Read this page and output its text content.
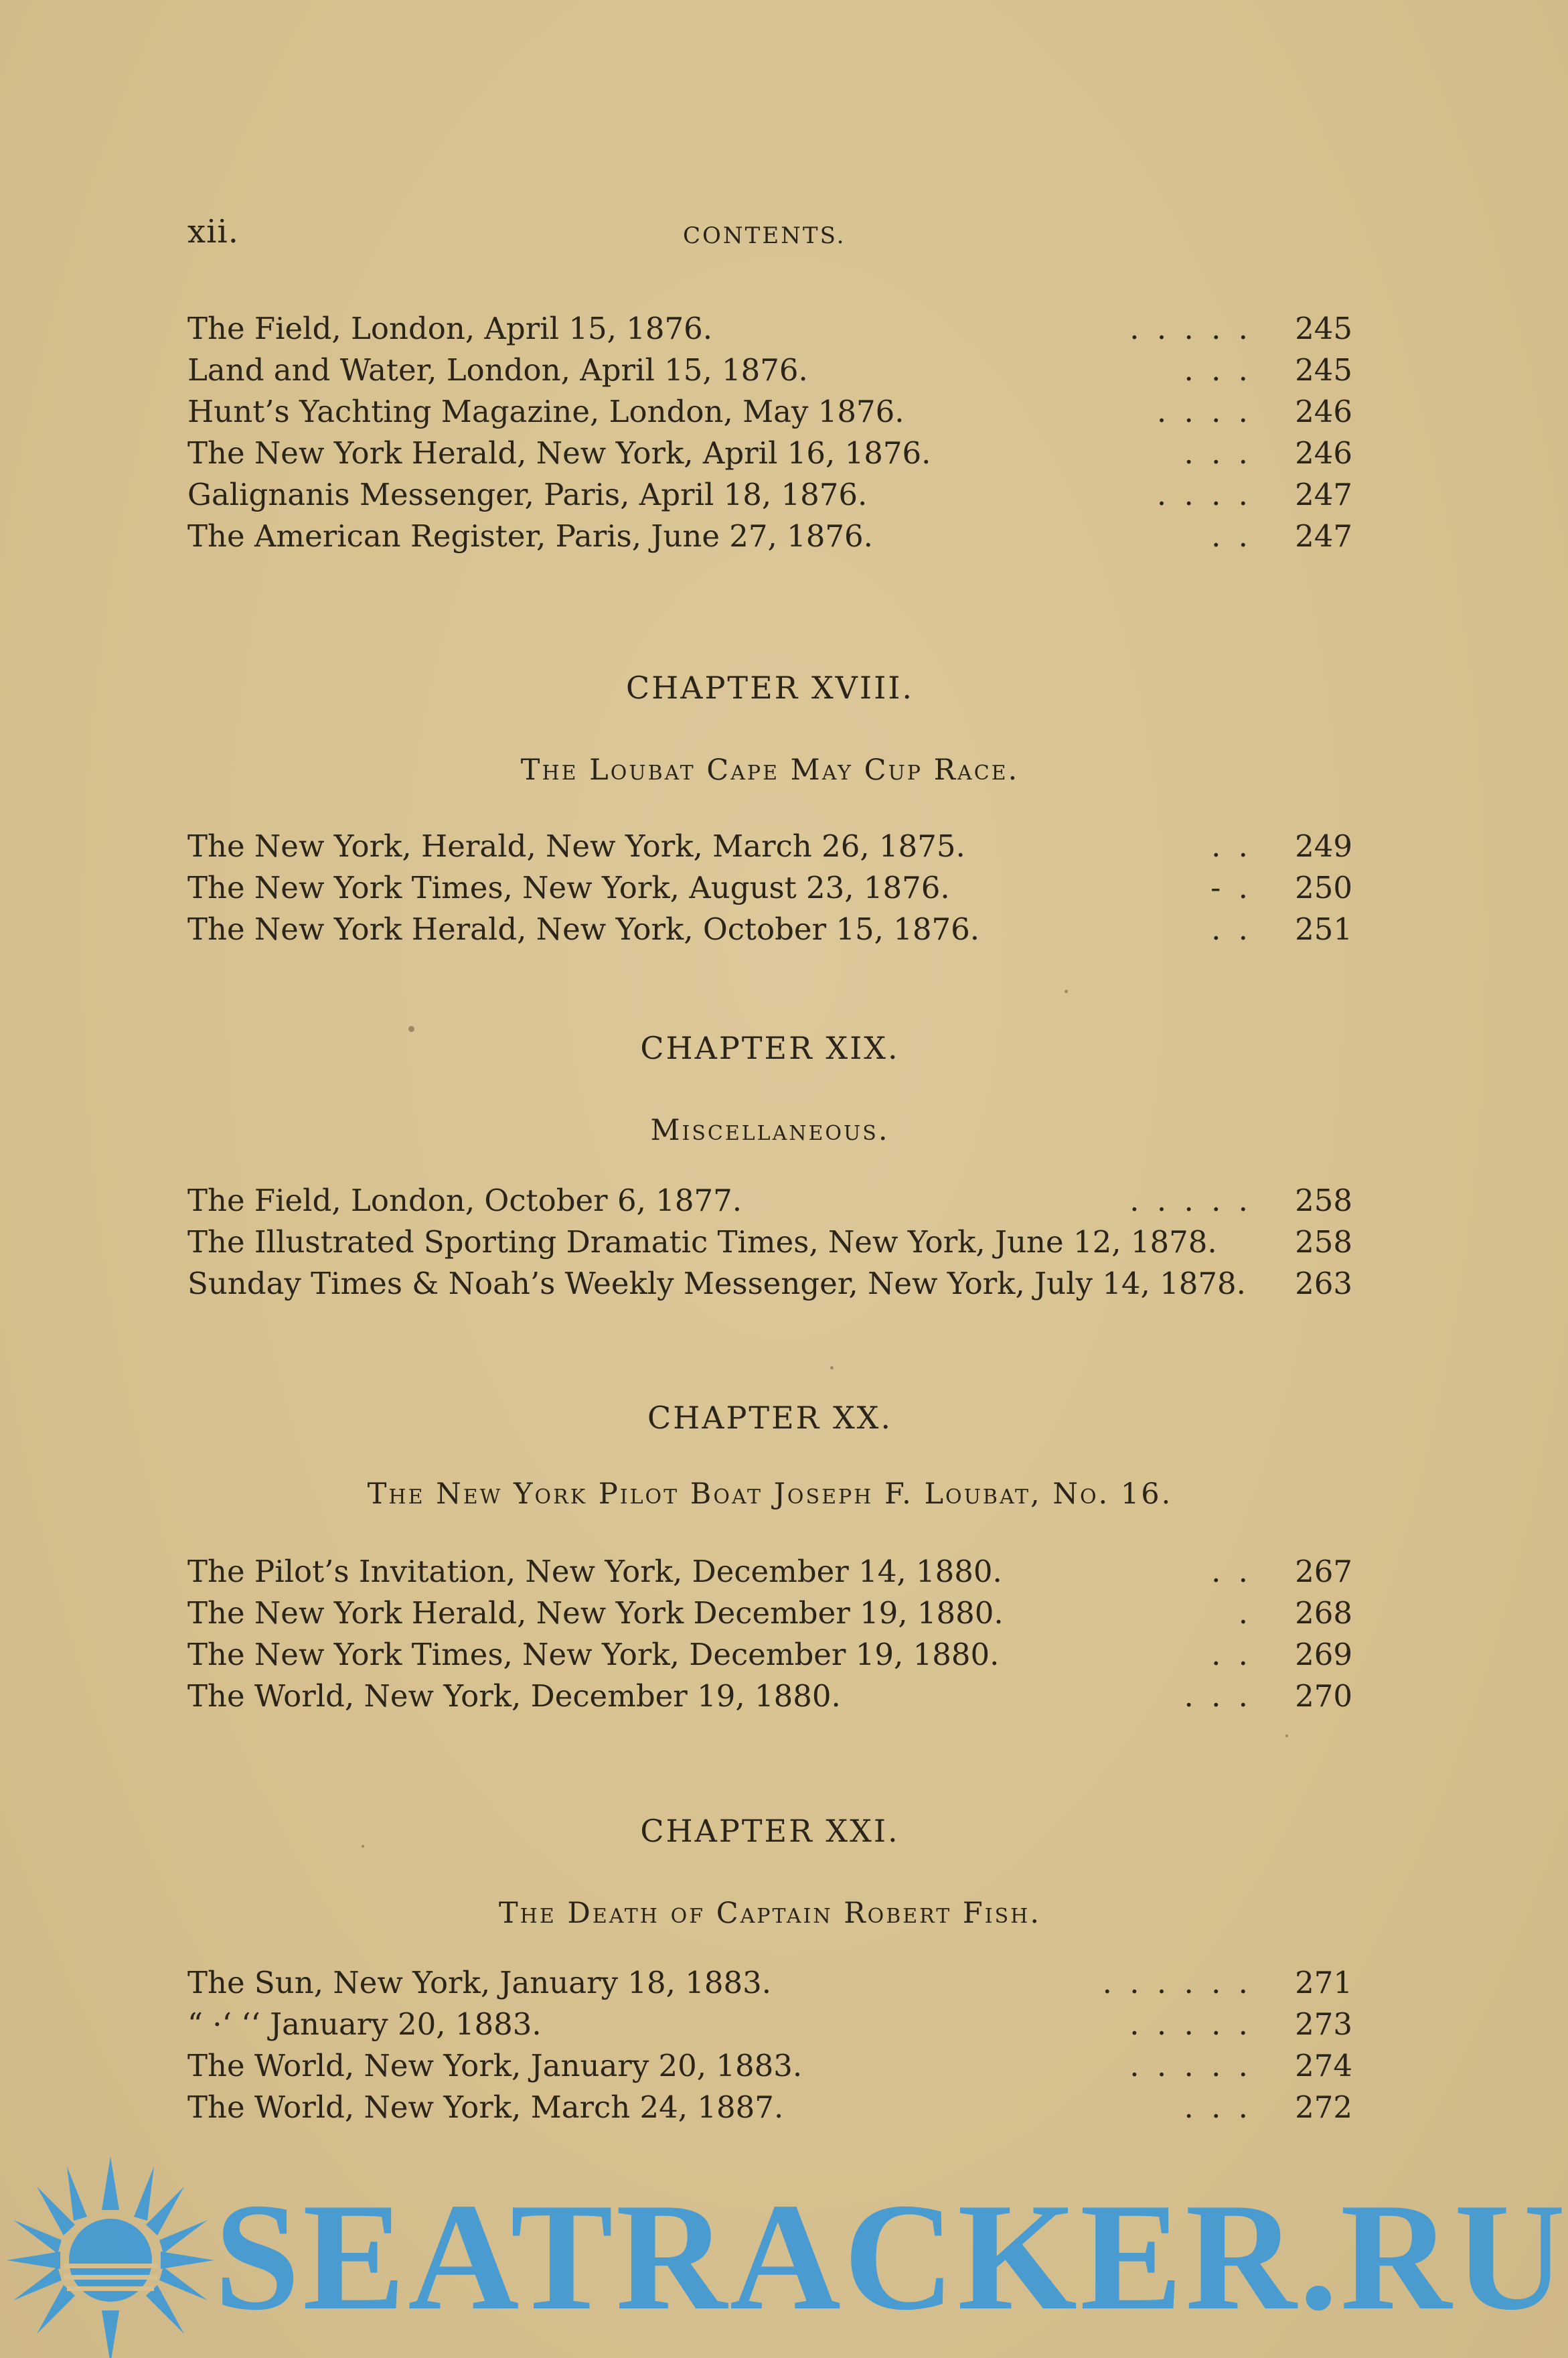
xii.	CONTENTS.
The Field, London, April 15, 1876.	. . . . .	245
Land and Water, London, April 15, 1876.	. . .	245
Hunt’s Yachting Magazine, London, May 1876.	. . . .	246
The New York Herald, New York, April 16, 1876.	. . .	246
Galignanis Messenger, Paris, April 18, 1876.	. . . .	247
The American Register, Paris, June 27, 1876.	. .	247
CHAPTER XVIII.
The Loubat Cape May Cup Race.
The New York, Herald, New York, March 26, 1875.	. .	249
The New York Times, New York, August 23, 1876.	- .	250
The New York Herald, New York, October 15, 1876.	. .	251
CHAPTER XIX.
Miscellaneous.
The Field, London, October 6, 1877.	. . . . .	258
The Illustrated Sporting Dramatic Times, New York, June 12, 1878.	258
Sunday Times & Noah’s Weekly Messenger, New York, July 14, 1878. 263
CHAPTER XX.
The New York Pilot Boat Joseph F. Loubat, No. 16.
The Pilot’s Invitation, New York, December 14, 1880.	. .	267
The New York Herald, New York December 19, 1880.	.	268
The New York Times, New York, December 19, 1880.	. .	269
The World, New York, December 19, 1880.	. . .	270
CHAPTER XXI.
The Death of Captain Robert Fish.
The Sun, New York, January 18, 1883.	. . . . . .	271
“ ·‘ ‘‘ January 20, 1883.	. . . . .	273
The World, New York, January 20, 1883.	. . . . .	274
The World, New York, March 24, 1887.	. . .	272
SEATRACKER.RU
